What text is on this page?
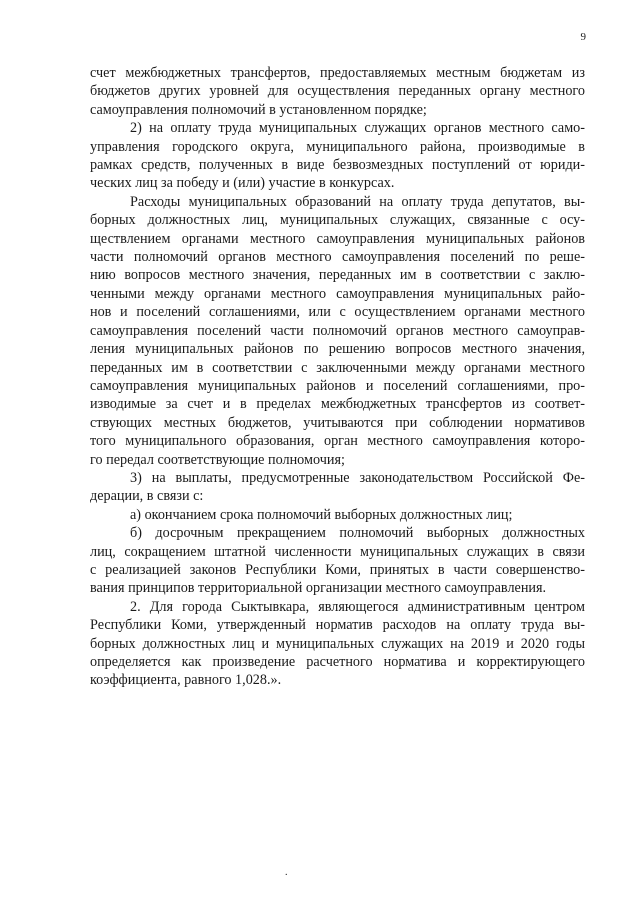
9

счет межбюджетных трансфертов, предоставляемых местным бюджетам из
бюджетов других уровней для осуществления переданных органу местного
самоуправления полномочий в установленном порядке;

2) на оплату труда муниципальных служащих органов местного само-
управления городского округа, муниципального района, производимые в
рамках средств, полученных в виде безвозмездных поступлений от юриди-
ческих лиц за победу и (или) участие в конкурсах.

Расходы муниципальных образований на оплату труда депутатов, вы-
борных должностных лиц, муниципальных служащих, связанные с осу-
ществлением органами местного самоуправления муниципальных районов
части полномочий органов местного самоуправления поселений по реше-
нию вопросов местного значения, переданных им в соответствии с заклю-
ченными между органами местного самоуправления муниципальных райо-
нов и поселений соглашениями, или с осуществлением органами местного
самоуправления поселений части полномочий органов местного самоуправ-
ления муниципальных районов по решению вопросов местного значения,
переданных им в соответствии с заключенными между органами местного
самоуправления муниципальных районов и поселений соглашениями, про-
изводимые за счет и в пределах межбюджетных трансфертов из соответ-
ствующих местных бюджетов, учитываются при соблюдении нормативов
того муниципального образования, орган местного самоуправления которо-
го передал соответствующие полномочия;

3) на выплаты, предусмотренные законодательством Российской Фе-
дерации, в связи с:

а) окончанием срока полномочий выборных должностных лиц;

б) досрочным прекращением полномочий выборных должностных
лиц, сокращением штатной численности муниципальных служащих в связи
с реализацией законов Республики Коми, принятых в части совершенство-
вания принципов территориальной организации местного самоуправления.

2. Для города Сыктывкара, являющегося административным центром
Республики Коми, утвержденный норматив расходов на оплату труда вы-
борных должностных лиц и муниципальных служащих на 2019 и 2020 годы
определяется как произведение расчетного норматива и корректирующего
коэффициента, равного 1,028.».

.
